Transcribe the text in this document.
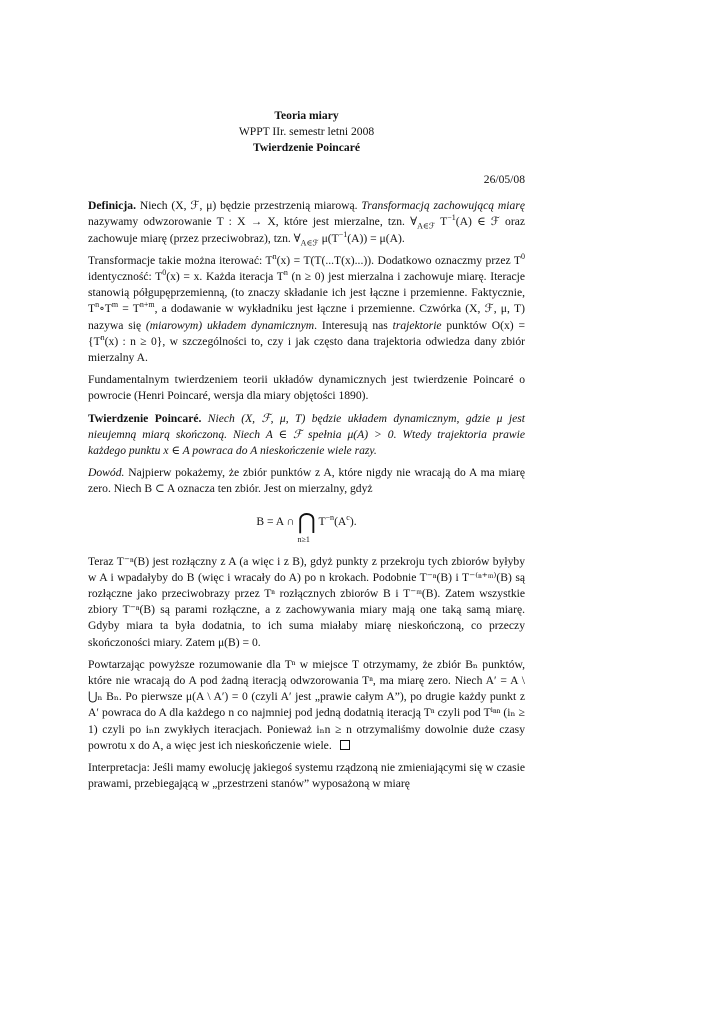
Teoria miary
WPPT IIr. semestr letni 2008
Twierdzenie Poincaré
26/05/08

Definicja. Niech (X, ℱ, μ) będzie przestrzenią miarową. Transformacją zachowującą miarę nazywamy odwzorowanie T : X → X, które jest mierzalne, tzn. $\forall_{A\in ℱ}$ $T^{-1}(A)$ ∈ ℱ oraz zachowuje miarę (przez przeciwobraz), tzn. $\forall_{A\in ℱ}$ $\mu(T^{-1}(A)) = \mu(A)$.

Transformacje takie można iterować: $T^n(x) = T(T(...T(x)...))$. Dodatkowo oznaczmy przez $T^0$ identyczność: $T^0(x) = x$. Każda iteracja $T^n$ (n ≥ 0) jest mierzalna i zachowuje miarę. Iteracje stanowią półgupęprzemienną, (to znaczy składanie ich jest łączne i przemienne. Faktycznie, $T^n\circ T^m = T^{n+m}$, a dodawanie w wykładniku jest łączne i przemienne. Czwórka (X, ℱ, μ, T) nazywa się (miarowym) układem dynamicznym. Interesują nas trajektorie punktów $O(x) = \{T^n(x)$ : n ≥ 0}, w szczególności to, czy i jak często dana trajektoria odwiedza dany zbiór mierzalny A.

Fundamentalnym twierdzeniem teorii układów dynamicznych jest twierdzenie Poincaré o powrocie (Henri Poincaré, wersja dla miary objętości 1890).

Twierdzenie Poincaré. Niech (X, ℱ, μ, T) będzie układem dynamicznym, gdzie μ jest nieujemną miarą skończoną. Niech A ∈ ℱ spełnia μ(A) > 0. Wtedy trajektoria prawie każdego punktu x ∈ A powraca do A nieskończenie wiele razy.

Dowód. Najpierw pokażemy, że zbiór punktów z A, które nigdy nie wracają do A ma miarę zero. Niech B ⊂ A oznacza ten zbiór. Jest on mierzalny, gdyż

B = A ∩ ⋂ $T^{-n}(A^c)$.
n≥1

Teraz T⁻ⁿ(B) jest rozłączny z A (a więc i z B), gdyż punkty z przekroju tych zbiorów byłyby w A i wpadałyby do B (więc i wracały do A) po n krokach. Podobnie T⁻ⁿ(B) i T⁻⁽ⁿ⁺ᵐ⁾(B) są rozłączne jako przeciwobrazy przez Tⁿ rozłącznych zbiorów B i T⁻ᵐ(B). Zatem wszystkie zbiory T⁻ⁿ(B) są parami rozłączne, a z zachowywania miary mają one taką samą miarę. Gdyby miara ta była dodatnia, to ich suma miałaby miarę nieskończoną, co przeczy skończoności miary. Zatem μ(B) = 0.

Powtarzając powyższe rozumowanie dla Tⁿ w miejsce T otrzymamy, że zbiór Bₙ punktów, które nie wracają do A pod żadną iteracją odwzorowania Tⁿ, ma miarę zero. Niech A′ = A \ ⋃ₙ Bₙ. Po pierwsze μ(A \ A′) = 0 (czyli A′ jest „prawie całym A”), po drugie każdy punkt z A′ powraca do A dla każdego n co najmniej pod jedną dodatnią iteracją Tⁿ czyli pod Tⁱⁿⁿ (iₙ ≥ 1) czyli po iₙn zwykłych iteracjach. Ponieważ iₙn ≥ n otrzymaliśmy dowolnie duże czasy powrotu x do A, a więc jest ich nieskończenie wiele.

Interpretacja: Jeśli mamy ewolucję jakiegoś systemu rządzoną nie zmieniającymi się w czasie prawami, przebiegającą w „przestrzeni stanów” wyposażoną w miarę
